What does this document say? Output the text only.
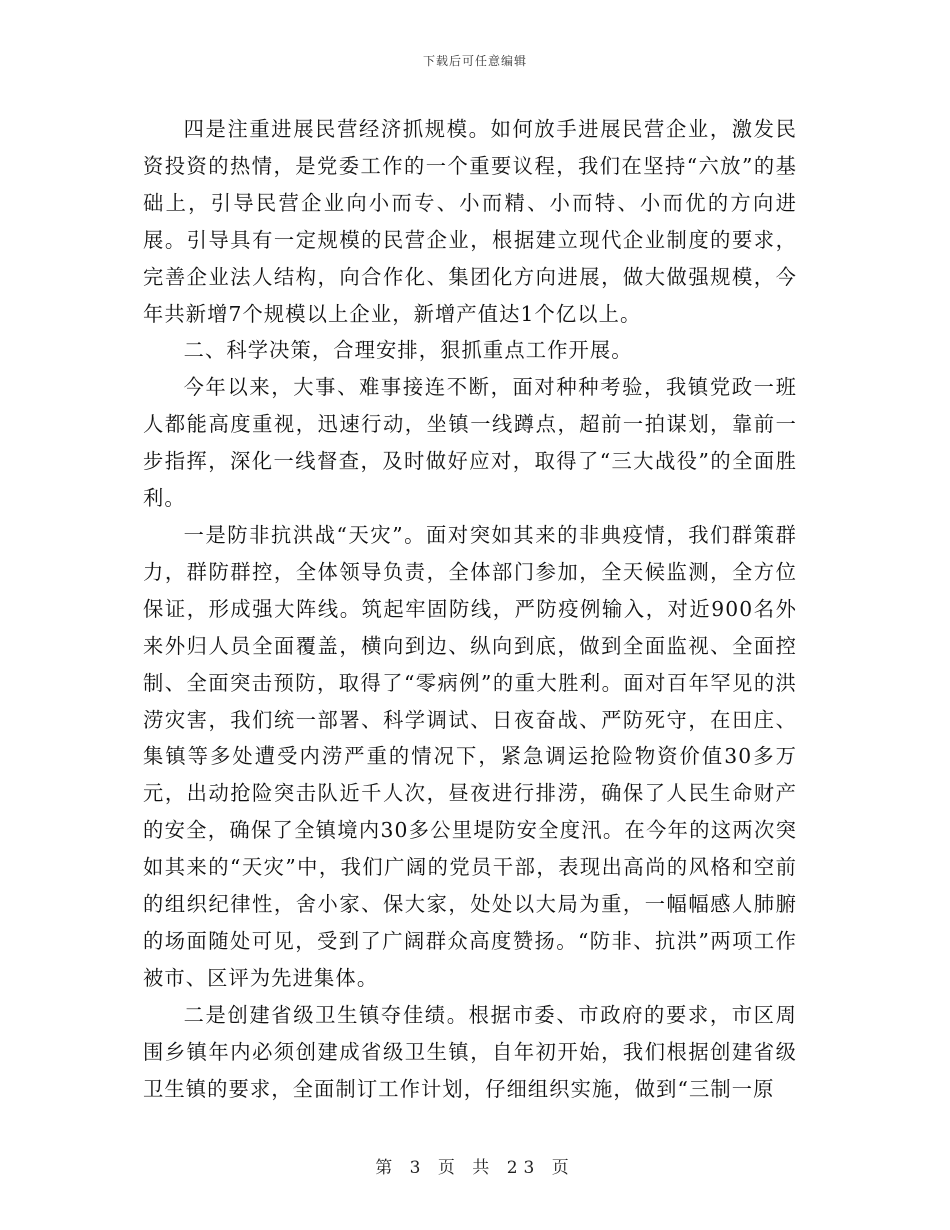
下载后可任意编辑

四是注重进展民营经济抓规模。如何放手进展民营企业，激发民资投资的热情，是党委工作的一个重要议程，我们在坚持“六放”的基础上，引导民营企业向小而专、小而精、小而特、小而优的方向进展。引导具有一定规模的民营企业，根据建立现代企业制度的要求，完善企业法人结构，向合作化、集团化方向进展，做大做强规模，今年共新增7个规模以上企业，新增产值达1个亿以上。

二、科学决策，合理安排，狠抓重点工作开展。

今年以来，大事、难事接连不断，面对种种考验，我镇党政一班人都能高度重视，迅速行动，坐镇一线蹲点，超前一拍谋划，靠前一步指挥，深化一线督查，及时做好应对，取得了“三大战役”的全面胜利。

一是防非抗洪战“天灾”。面对突如其来的非典疫情，我们群策群力，群防群控，全体领导负责，全体部门参加，全天候监测，全方位保证，形成强大阵线。筑起牢固防线，严防疫例输入，对近900名外来外归人员全面覆盖，横向到边、纵向到底，做到全面监视、全面控制、全面突击预防，取得了“零病例”的重大胜利。面对百年罕见的洪涝灾害，我们统一部署、科学调试、日夜奋战、严防死守，在田庄、集镇等多处遭受内涝严重的情况下，紧急调运抢险物资价值30多万元，出动抢险突击队近千人次，昼夜进行排涝，确保了人民生命财产的安全，确保了全镇境内30多公里堤防安全度汛。在今年的这两次突如其来的“天灾”中，我们广阔的党员干部，表现出高尚的风格和空前的组织纪律性，舍小家、保大家，处处以大局为重，一幅幅感人肺腑的场面随处可见，受到了广阔群众高度赞扬。“防非、抗洪”两项工作被市、区评为先进集体。

二是创建省级卫生镇夺佳绩。根据市委、市政府的要求，市区周围乡镇年内必须创建成省级卫生镇，自年初开始，我们根据创建省级卫生镇的要求，全面制订工作计划，仔细组织实施，做到“三制一原

第 3 页 共 23 页
